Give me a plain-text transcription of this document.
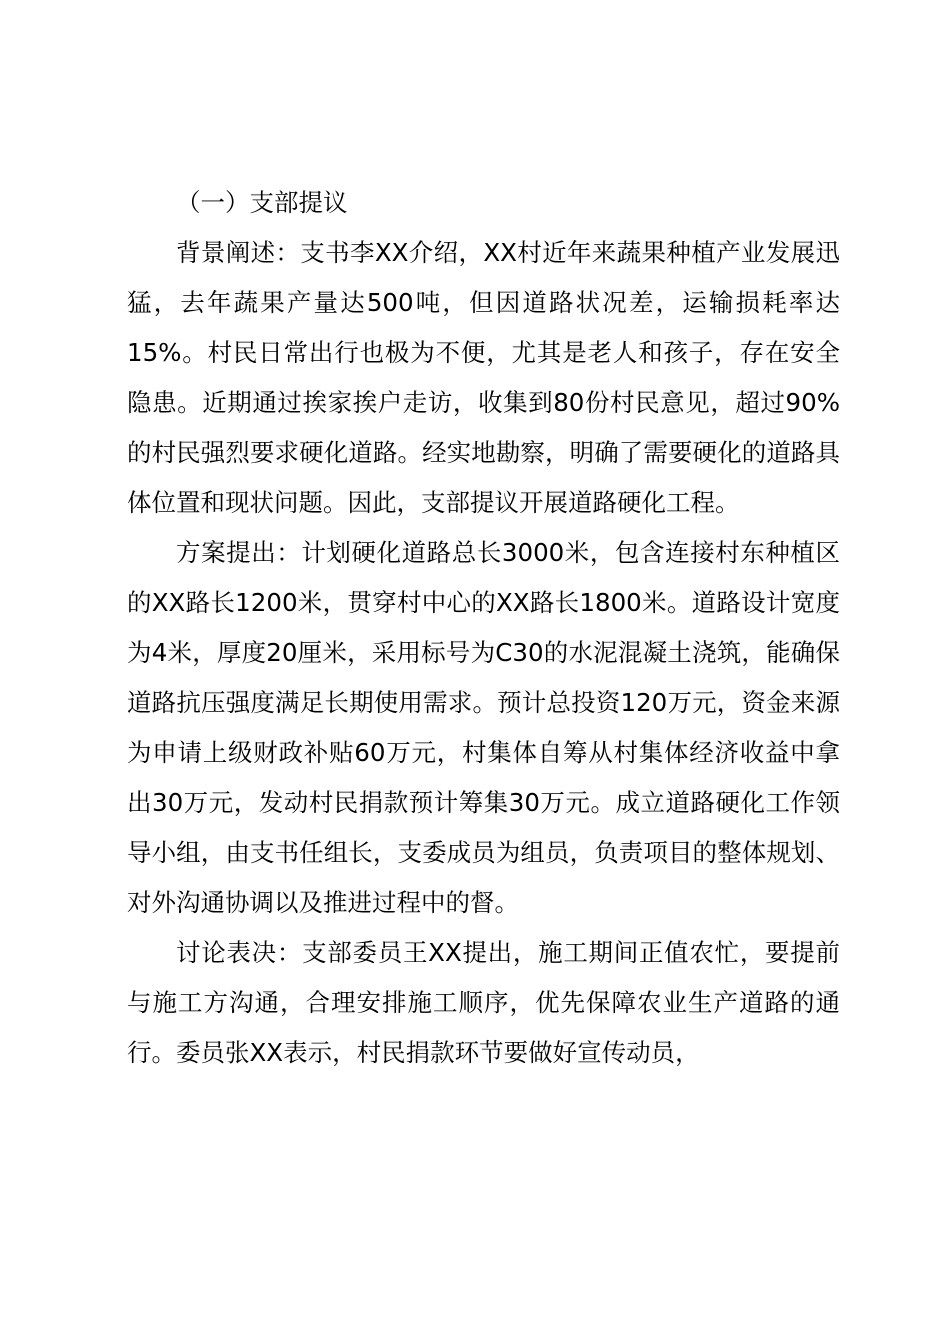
（一）支部提议

背景阐述：支书李XX介绍，XX村近年来蔬果种植产业发展迅猛，去年蔬果产量达500吨，但因道路状况差，运输损耗率达15%。村民日常出行也极为不便，尤其是老人和孩子，存在安全隐患。近期通过挨家挨户走访，收集到80份村民意见，超过90%的村民强烈要求硬化道路。经实地勘察，明确了需要硬化的道路具体位置和现状问题。因此，支部提议开展道路硬化工程。

方案提出：计划硬化道路总长3000米，包含连接村东种植区的XX路长1200米，贯穿村中心的XX路长1800米。道路设计宽度为4米，厚度20厘米，采用标号为C30的水泥混凝土浇筑，能确保道路抗压强度满足长期使用需求。预计总投资120万元，资金来源为申请上级财政补贴60万元，村集体自筹从村集体经济收益中拿出30万元，发动村民捐款预计筹集30万元。成立道路硬化工作领导小组，由支书任组长，支委成员为组员，负责项目的整体规划、对外沟通协调以及推进过程中的督。

讨论表决：支部委员王XX提出，施工期间正值农忙，要提前与施工方沟通，合理安排施工顺序，优先保障农业生产道路的通行。委员张XX表示，村民捐款环节要做好宣传动员，
